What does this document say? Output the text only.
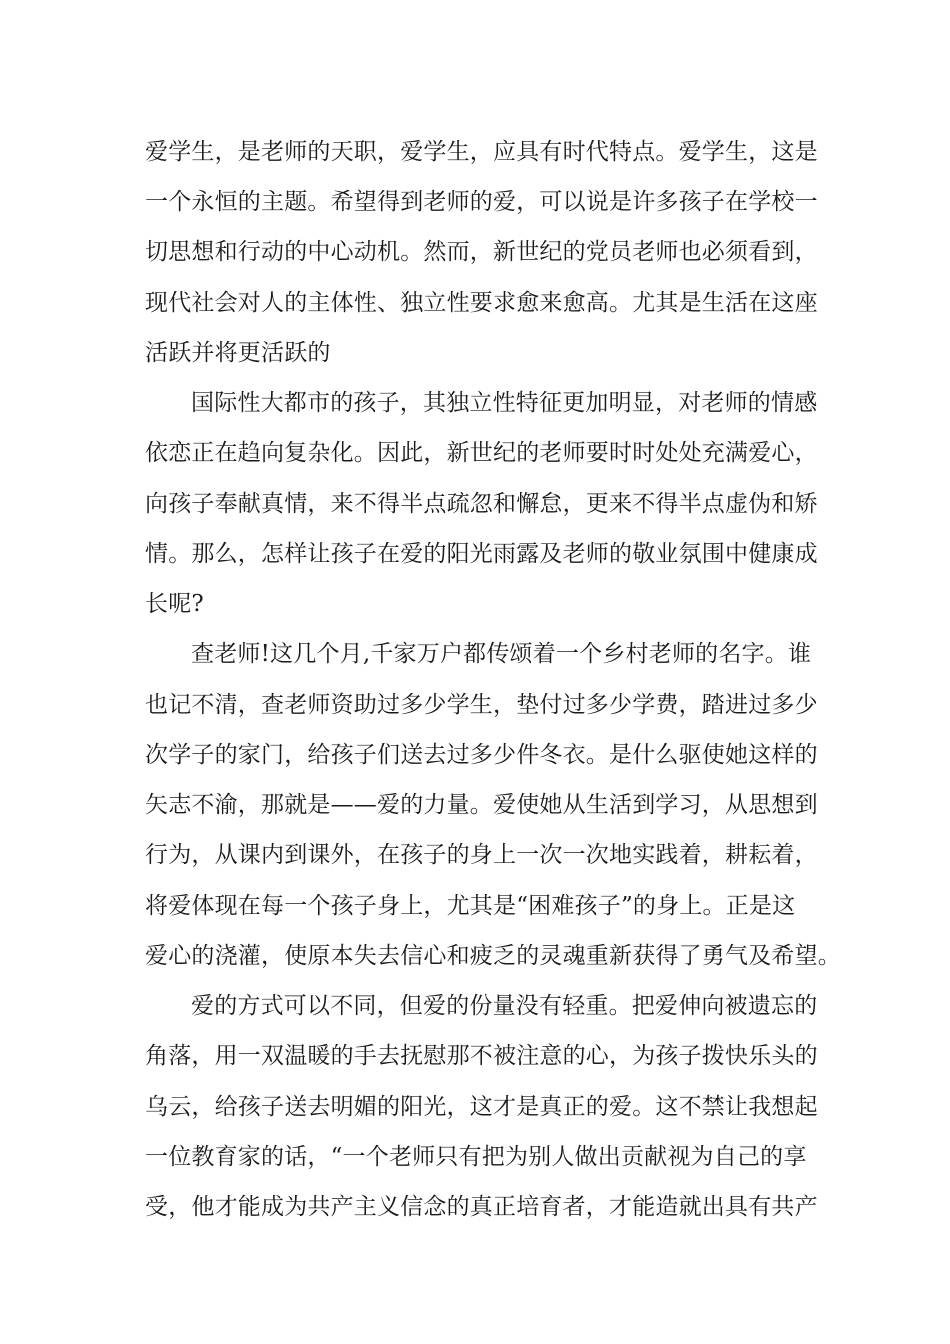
爱学生，是老师的天职，爱学生，应具有时代特点。爱学生，这是
一个永恒的主题。希望得到老师的爱，可以说是许多孩子在学校一
切思想和行动的中心动机。然而，新世纪的党员老师也必须看到，
现代社会对人的主体性、独立性要求愈来愈高。尤其是生活在这座
活跃并将更活跃的
国际性大都市的孩子，其独立性特征更加明显，对老师的情感
依恋正在趋向复杂化。因此，新世纪的老师要时时处处充满爱心，
向孩子奉献真情，来不得半点疏忽和懈怠，更来不得半点虚伪和矫
情。那么，怎样让孩子在爱的阳光雨露及老师的敬业氛围中健康成
长呢?
查老师!这几个月,千家万户都传颂着一个乡村老师的名字。谁
也记不清，查老师资助过多少学生，垫付过多少学费，踏进过多少
次学子的家门，给孩子们送去过多少件冬衣。是什么驱使她这样的
矢志不渝，那就是——爱的力量。爱使她从生活到学习，从思想到
行为，从课内到课外，在孩子的身上一次一次地实践着，耕耘着，
将爱体现在每一个孩子身上，尤其是“困难孩子”的身上。正是这
爱心的浇灌，使原本失去信心和疲乏的灵魂重新获得了勇气及希望。
爱的方式可以不同，但爱的份量没有轻重。把爱伸向被遗忘的
角落，用一双温暖的手去抚慰那不被注意的心，为孩子拨快乐头的
乌云，给孩子送去明媚的阳光，这才是真正的爱。这不禁让我想起
一位教育家的话，“一个老师只有把为别人做出贡献视为自己的享
受，他才能成为共产主义信念的真正培育者，才能造就出具有共产
